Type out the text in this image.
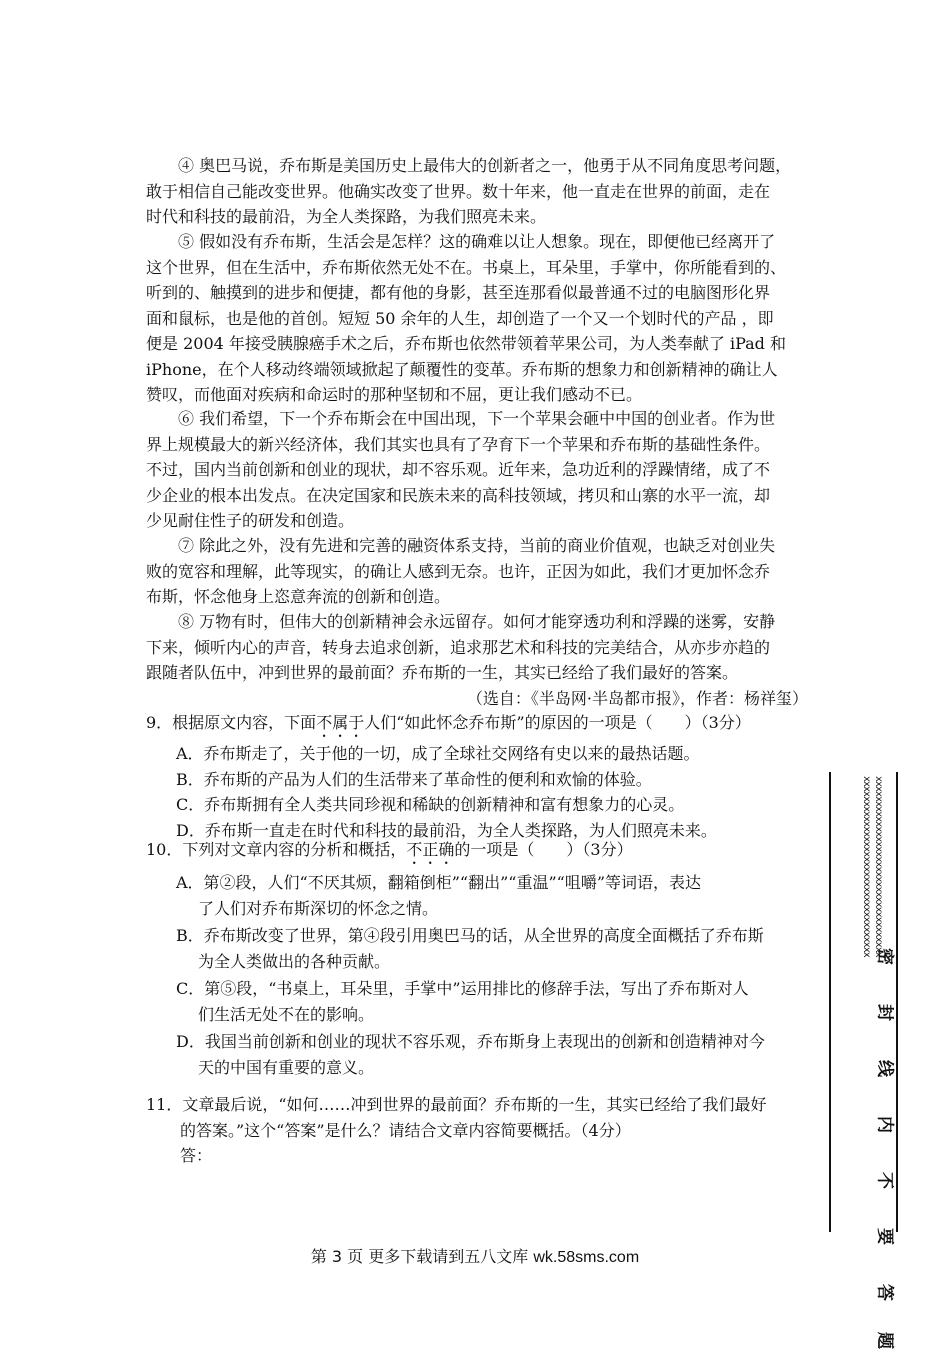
④ 奥巴马说，乔布斯是美国历史上最伟大的创新者之一，他勇于从不同角度思考问题，
敢于相信自己能改变世界。他确实改变了世界。数十年来，他一直走在世界的前面，走在
时代和科技的最前沿，为全人类探路，为我们照亮未来。
⑤ 假如没有乔布斯，生活会是怎样？这的确难以让人想象。现在，即便他已经离开了
这个世界，但在生活中，乔布斯依然无处不在。书桌上，耳朵里，手掌中，你所能看到的、
听到的、触摸到的进步和便捷，都有他的身影，甚至连那看似最普通不过的电脑图形化界
面和鼠标，也是他的首创。短短 50 余年的人生，却创造了一个又一个划时代的产品 ，即
便是 2004 年接受胰腺癌手术之后，乔布斯也依然带领着苹果公司，为人类奉献了 iPad 和
iPhone，在个人移动终端领域掀起了颠覆性的变革。乔布斯的想象力和创新精神的确让人
赞叹，而他面对疾病和命运时的那种坚韧和不屈，更让我们感动不已。
⑥ 我们希望，下一个乔布斯会在中国出现，下一个苹果会砸中中国的创业者。作为世
界上规模最大的新兴经济体，我们其实也具有了孕育下一个苹果和乔布斯的基础性条件。
不过，国内当前创新和创业的现状，却不容乐观。近年来，急功近利的浮躁情绪，成了不
少企业的根本出发点。在决定国家和民族未来的高科技领域，拷贝和山寨的水平一流，却
少见耐住性子的研发和创造。
⑦ 除此之外，没有先进和完善的融资体系支持，当前的商业价值观，也缺乏对创业失
败的宽容和理解，此等现实，的确让人感到无奈。也许，正因为如此，我们才更加怀念乔
布斯，怀念他身上恣意奔流的创新和创造。
⑧ 万物有时，但伟大的创新精神会永远留存。如何才能穿透功利和浮躁的迷雾，安静
下来，倾听内心的声音，转身去追求创新，追求那艺术和科技的完美结合，从亦步亦趋的
跟随者队伍中，冲到世界的最前面？乔布斯的一生，其实已经给了我们最好的答案。
（选自：《半岛网·半岛都市报》，作者：杨祥玺）
9．根据原文内容，下面不属于人们“如此怀念乔布斯”的原因的一项是（　　）（3分）
A．乔布斯走了，关于他的一切，成了全球社交网络有史以来的最热话题。
B．乔布斯的产品为人们的生活带来了革命性的便利和欢愉的体验。
C．乔布斯拥有全人类共同珍视和稀缺的创新精神和富有想象力的心灵。
D．乔布斯一直走在时代和科技的最前沿，为全人类探路，为人们照亮未来。
10．下列对文章内容的分析和概括，不正确的一项是（　　）（3分）
A．第②段，人们“不厌其烦，翻箱倒柜”“翻出”“重温”“咀嚼”等词语，表达
了人们对乔布斯深切的怀念之情。
B．乔布斯改变了世界，第④段引用奥巴马的话，从全世界的高度全面概括了乔布斯
为全人类做出的各种贡献。
C．第⑤段，“书桌上，耳朵里，手掌中”运用排比的修辞手法，写出了乔布斯对人
们生活无处不在的影响。
D．我国当前创新和创业的现状不容乐观，乔布斯身上表现出的创新和创造精神对今
天的中国有重要的意义。
11．文章最后说，“如何……冲到世界的最前面？乔布斯的一生，其实已经给了我们最好
的答案。”这个“答案”是什么？请结合文章内容简要概括。（4分）
答：
第 3 页 更多下载请到五八文库 wk.58sms.com
xxxxxxxxxxxxxxxxxxxxxxxxxxxxxxxxxxxx xxxxxxxxxxxxxxxxxxxxxxxxxxxxxxxxxxxx
密
封
线
内
不
要
答
题
